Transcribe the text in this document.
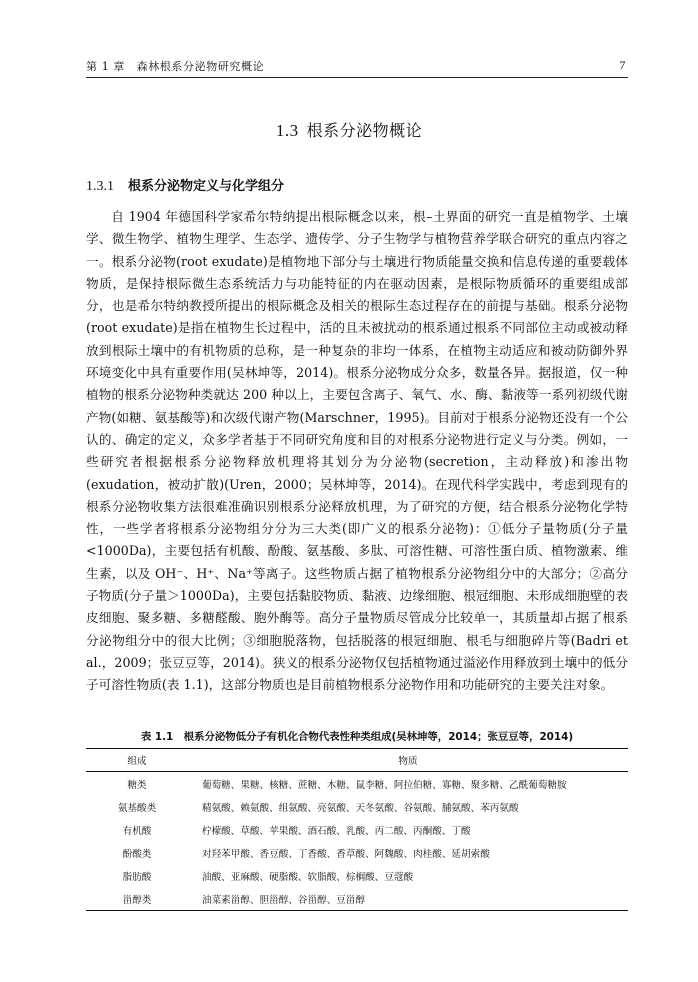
第 1 章　森林根系分泌物研究概论	7
1.3 根系分泌物概论
1.3.1 根系分泌物定义与化学组分

自 1904 年德国科学家希尔特纳提出根际概念以来，根–土界面的研究一直是植物学、土壤学、微生物学、植物生理学、生态学、遗传学、分子生物学与植物营养学联合研究的重点内容之一。根系分泌物(root exudate)是植物地下部分与土壤进行物质能量交换和信息传递的重要载体物质，是保持根际微生态系统活力与功能特征的内在驱动因素，是根际物质循环的重要组成部分，也是希尔特纳教授所提出的根际概念及相关的根际生态过程存在的前提与基础。根系分泌物(root exudate)是指在植物生长过程中，活的且未被扰动的根系通过根系不同部位主动或被动释放到根际土壤中的有机物质的总称，是一种复杂的非均一体系，在植物主动适应和被动防御外界环境变化中具有重要作用(吴林坤等，2014)。根系分泌物成分众多，数量各异。据报道，仅一种植物的根系分泌物种类就达 200 种以上，主要包含离子、氧气、水、酶、黏液等一系列初级代谢产物(如糖、氨基酸等)和次级代谢产物(Marschner，1995)。目前对于根系分泌物还没有一个公认的、确定的定义，众多学者基于不同研究角度和目的对根系分泌物进行定义与分类。例如，一些研究者根据根系分泌物释放机理将其划分为分泌物(secretion，主动释放)和渗出物(exudation，被动扩散)(Uren，2000；吴林坤等，2014)。在现代科学实践中，考虑到现有的根系分泌物收集方法很难准确识别根系分泌释放机理，为了研究的方便，结合根系分泌物化学特性，一些学者将根系分泌物组分分为三大类(即广义的根系分泌物)：①低分子量物质(分子量<1000Da)，主要包括有机酸、酚酸、氨基酸、多肽、可溶性糖、可溶性蛋白质、植物激素、维生素，以及 OH⁻、H⁺、Na⁺等离子。这些物质占据了植物根系分泌物组分中的大部分；②高分子物质(分子量＞1000Da)，主要包括黏胶物质、黏液、边缘细胞、根冠细胞、未形成细胞壁的表皮细胞、聚多糖、多糖醛酸、胞外酶等。高分子量物质尽管成分比较单一，其质量却占据了根系分泌物组分中的很大比例；③细胞脱落物，包括脱落的根冠细胞、根毛与细胞碎片等(Badri et al.，2009；张豆豆等，2014)。狭义的根系分泌物仅包括植物通过溢泌作用释放到土壤中的低分子可溶性物质(表 1.1)，这部分物质也是目前植物根系分泌物作用和功能研究的主要关注对象。

表 1.1　根系分泌物低分子有机化合物代表性种类组成(吴林坤等，2014；张豆豆等，2014)
组成	物质
糖类	葡萄糖、果糖、核糖、蔗糖、木糖、鼠李糖、阿拉伯糖、寡糖、聚多糖、乙酰葡萄糖胺
氨基酸类	精氨酸、赖氨酸、组氨酸、亮氨酸、天冬氨酸、谷氨酸、脯氨酸、苯丙氨酸
有机酸	柠檬酸、草酸、苹果酸、酒石酸、乳酸、丙二酸、丙酮酸、丁酸
酚酸类	对羟苯甲酸、香豆酸、丁香酸、香草酸、阿魏酸、肉桂酸、延胡索酸
脂肪酸	油酸、亚麻酸、硬脂酸、软脂酸、棕榈酸、豆蔻酸
甾醇类	油菜素甾醇、胆甾醇、谷甾醇、豆甾醇
